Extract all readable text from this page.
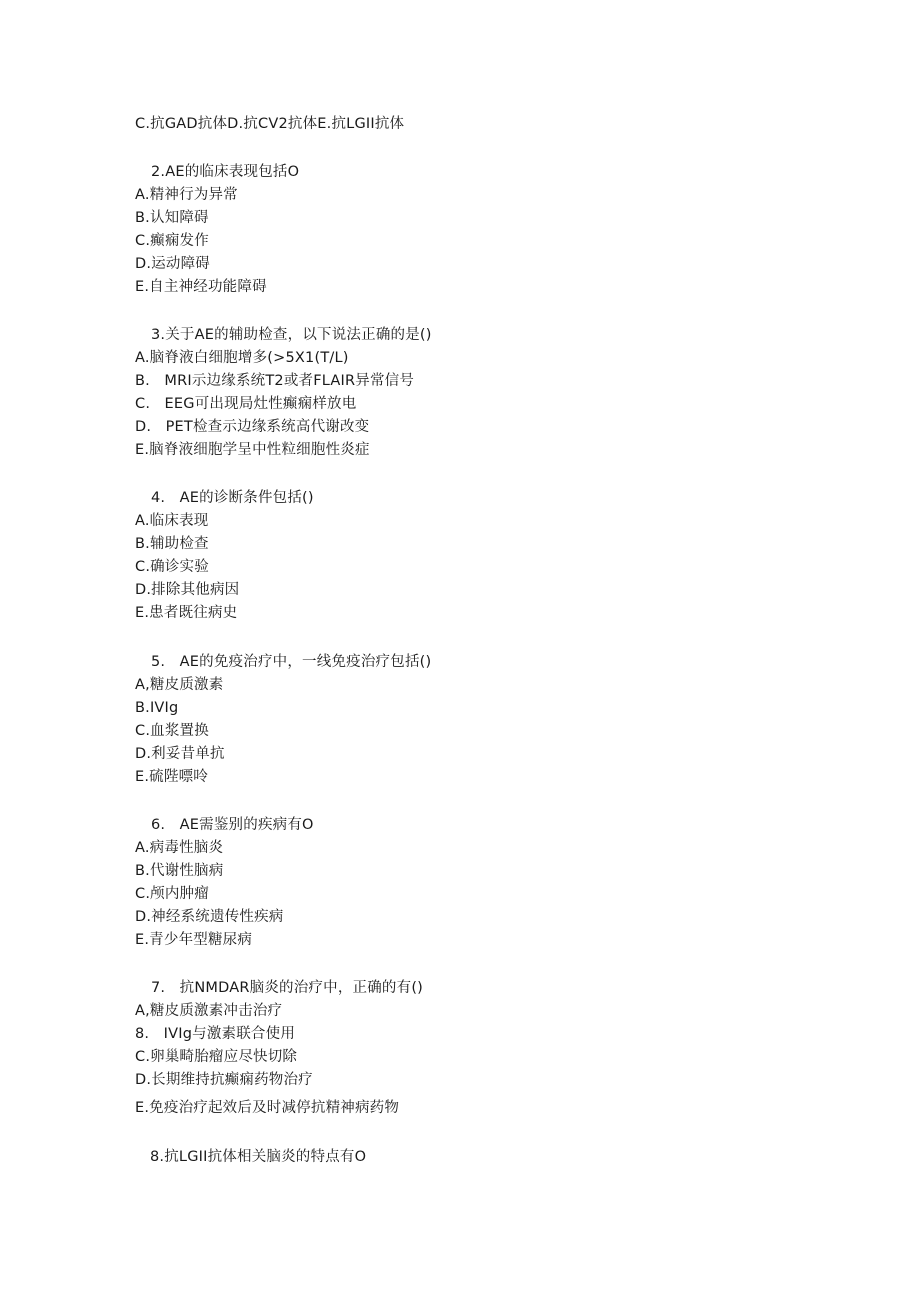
C.抗GAD抗体D.抗CV2抗体E.抗LGII抗体
2.AE的临床表现包括O
A.精神行为异常
B.认知障碍
C.癫痫发作
D.运动障碍
E.自主神经功能障碍
3.关于AE的辅助检查，以下说法正确的是()
A.脑脊液白细胞增多(>5X1(T/L)
B.   MRI示边缘系统T2或者FLAIR异常信号
C.   EEG可出现局灶性癫痫样放电
D.   PET检查示边缘系统高代谢改变
E.脑脊液细胞学呈中性粒细胞性炎症
4.   AE的诊断条件包括()
A.临床表现
B.辅助检查
C.确诊实验
D.排除其他病因
E.患者既往病史
5.   AE的免疫治疗中，一线免疫治疗包括()
A,糖皮质激素
B.IVIg
C.血浆置换
D.利妥昔单抗
E.硫陛嘌呤
6.   AE需鉴别的疾病有O
A.病毒性脑炎
B.代谢性脑病
C.颅内肿瘤
D.神经系统遗传性疾病
E.青少年型糖尿病
7.   抗NMDAR脑炎的治疗中，正确的有()
A,糖皮质激素冲击治疗
8.   IVIg与激素联合使用
C.卵巢畸胎瘤应尽快切除
D.长期维持抗癫痫药物治疗
E.免疫治疗起效后及时减停抗精神病药物
8.抗LGII抗体相关脑炎的特点有O
